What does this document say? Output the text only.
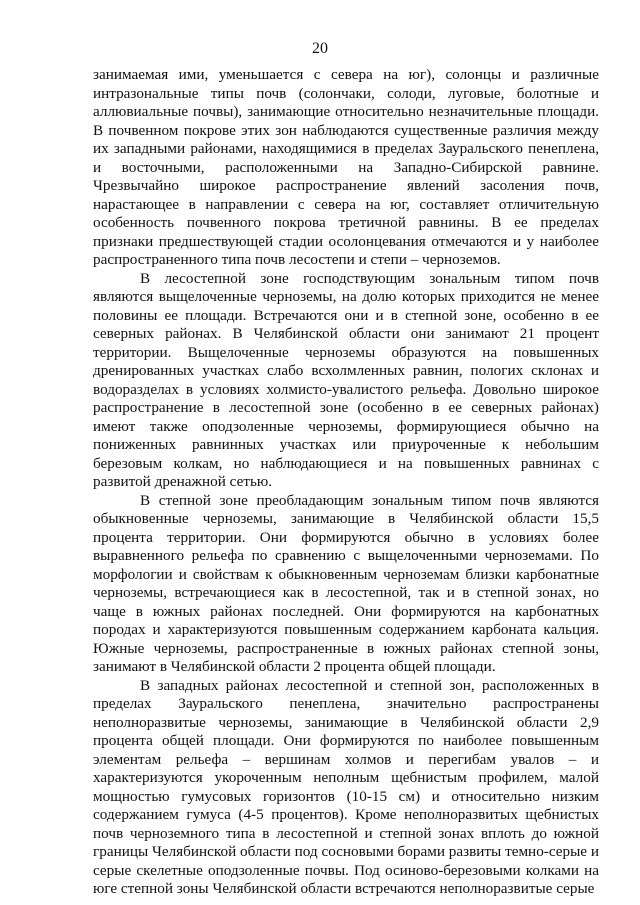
20

занимаемая ими, уменьшается с севера на юг), солонцы и различные интразональные типы почв (солончаки, солоди, луговые, болотные и аллювиальные почвы), занимающие относительно незначительные площади. В почвенном покрове этих зон наблюдаются существенные различия между их западными районами, находящимися в пределах Зауральского пенеплена, и восточными, расположенными на Западно-Сибирской равнине. Чрезвычайно широкое распространение явлений засоления почв, нарастающее в направлении с севера на юг, составляет отличительную особенность почвенного покрова третичной равнины. В ее пределах признаки предшествующей стадии осолонцевания отмечаются и у наиболее распространенного типа почв лесостепи и степи – черноземов.

В лесостепной зоне господствующим зональным типом почв являются выщелоченные черноземы, на долю которых приходится не менее половины ее площади. Встречаются они и в степной зоне, особенно в ее северных районах. В Челябинской области они занимают 21 процент территории. Выщелоченные черноземы образуются на повышенных дренированных участках слабо всхолмленных равнин, пологих склонах и водоразделах в условиях холмисто-увалистого рельефа. Довольно широкое распространение в лесостепной зоне (особенно в ее северных районах) имеют также оподзоленные черноземы, формирующиеся обычно на пониженных равнинных участках или приуроченные к небольшим березовым колкам, но наблюдающиеся и на повышенных равнинах с развитой дренажной сетью.

В степной зоне преобладающим зональным типом почв являются обыкновенные черноземы, занимающие в Челябинской области 15,5 процента территории. Они формируются обычно в условиях более выравненного рельефа по сравнению с выщелоченными черноземами. По морфологии и свойствам к обыкновенным черноземам близки карбонатные черноземы, встречающиеся как в лесостепной, так и в степной зонах, но чаще в южных районах последней. Они формируются на карбонатных породах и характеризуются повышенным содержанием карбоната кальция. Южные черноземы, распространенные в южных районах степной зоны, занимают в Челябинской области 2 процента общей площади.

В западных районах лесостепной и степной зон, расположенных в пределах Зауральского пенеплена, значительно распространены неполноразвитые черноземы, занимающие в Челябинской области 2,9 процента общей площади. Они формируются по наиболее повышенным элементам рельефа – вершинам холмов и перегибам увалов – и характеризуются укороченным неполным щебнистым профилем, малой мощностью гумусовых горизонтов (10-15 см) и относительно низким содержанием гумуса (4-5 процентов). Кроме неполноразвитых щебнистых почв черноземного типа в лесостепной и степной зонах вплоть до южной границы Челябинской области под сосновыми борами развиты темно-серые и серые скелетные оподзоленные почвы. Под осиново-березовыми колками на юге степной зоны Челябинской области встречаются неполноразвитые серые
